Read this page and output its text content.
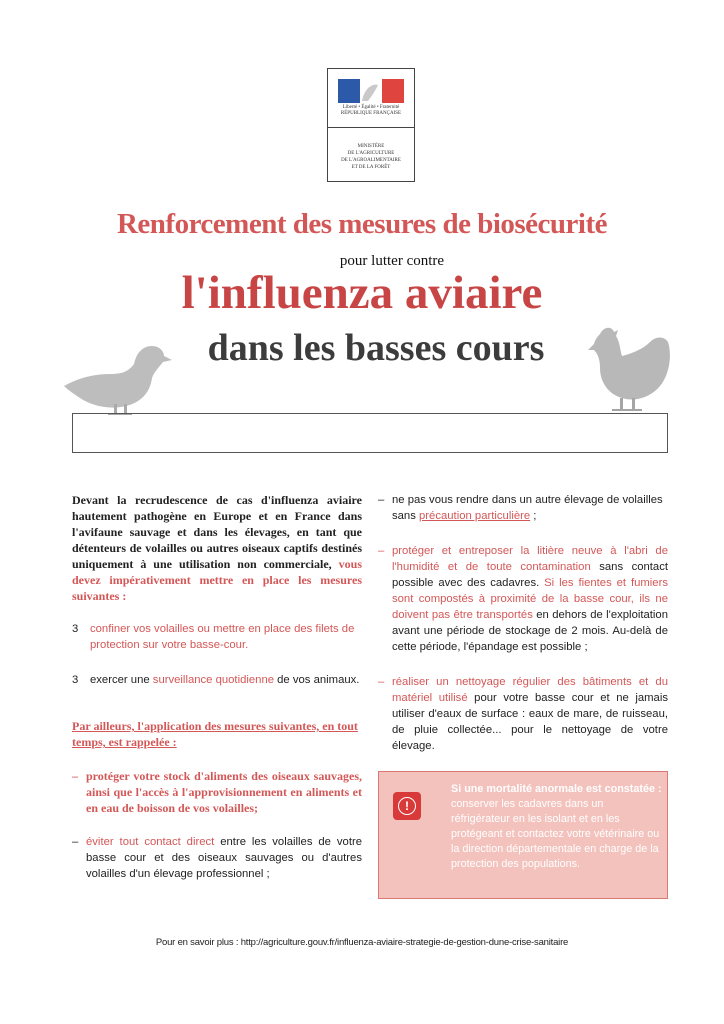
Liberté • Égalité • Fraternité
RÉPUBLIQUE FRANÇAISE
MINISTÈRE
DE L'AGRICULTURE
DE L'AGROALIMENTAIRE
ET DE LA FORÊT
Renforcement des mesures de biosécurité
pour lutter contre
l'influenza aviaire
dans les basses cours

Devant la recrudescence de cas d'influenza aviaire hautement pathogène en Europe et en France dans l'avifaune sauvage et dans les élevages, en tant que détenteurs de volailles ou autres oiseaux captifs destinés uniquement à une utilisation non commerciale, vous devez impérativement mettre en place les mesures suivantes :

3	confiner vos volailles ou mettre en place des filets de protection sur votre basse-cour.
3	exercer une surveillance quotidienne de vos animaux.

Par ailleurs, l'application des mesures suivantes, en tout temps, est rappelée :

– protéger votre stock d'aliments des oiseaux sauvages, ainsi que l'accès à l'approvisionnement en aliments et en eau de boisson de vos volailles;
– éviter tout contact direct entre les volailles de votre basse cour et des oiseaux sauvages ou d'autres volailles d'un élevage professionnel ;
– ne pas vous rendre dans un autre élevage de volailles sans précaution particulière ;
– protéger et entreposer la litière neuve à l'abri de l'humidité et de toute contamination sans contact possible avec des cadavres. Si les fientes et fumiers sont compostés à proximité de la basse cour, ils ne doivent pas être transportés en dehors de l'exploitation avant une période de stockage de 2 mois. Au-delà de cette période, l'épandage est possible ;
– réaliser un nettoyage régulier des bâtiments et du matériel utilisé pour votre basse cour et ne jamais utiliser d'eaux de surface : eaux de mare, de ruisseau, de pluie collectée... pour le nettoyage de votre élevage.
!
Si une mortalité anormale est constatée : conserver les cadavres dans un réfrigérateur en les isolant et en les protégeant et contactez votre vétérinaire ou la direction départementale en charge de la protection des populations.
Pour en savoir plus : http://agriculture.gouv.fr/influenza-aviaire-strategie-de-gestion-dune-crise-sanitaire
